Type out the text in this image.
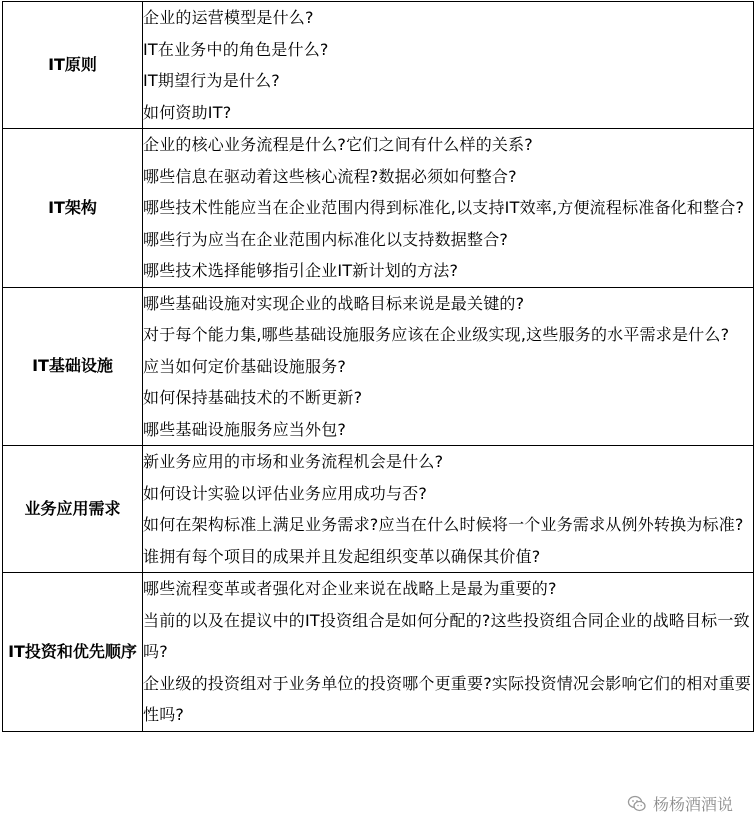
IT原则	企业的运营模型是什么?
IT在业务中的角色是什么?
IT期望行为是什么?
如何资助IT?

IT架构	企业的核心业务流程是什么?它们之间有什么样的关系?
哪些信息在驱动着这些核心流程?数据必须如何整合?
哪些技术性能应当在企业范围内得到标准化,以支持IT效率,方便流程标准备化和整合?
哪些行为应当在企业范围内标准化以支持数据整合?
哪些技术选择能够指引企业IT新计划的方法?

IT基础设施	哪些基础设施对实现企业的战略目标来说是最关键的?
对于每个能力集,哪些基础设施服务应该在企业级实现,这些服务的水平需求是什么?
应当如何定价基础设施服务?
如何保持基础技术的不断更新?
哪些基础设施服务应当外包?

业务应用需求	新业务应用的市场和业务流程机会是什么?
如何设计实验以评估业务应用成功与否?
如何在架构标准上满足业务需求?应当在什么时候将一个业务需求从例外转换为标准?
谁拥有每个项目的成果并且发起组织变革以确保其价值?

IT投资和优先顺序	哪些流程变革或者强化对企业来说在战略上是最为重要的?
当前的以及在提议中的IT投资组合是如何分配的?这些投资组合同企业的战略目标一致吗?
企业级的投资组对于业务单位的投资哪个更重要?实际投资情况会影响它们的相对重要性吗?
杨杨酒酒说
